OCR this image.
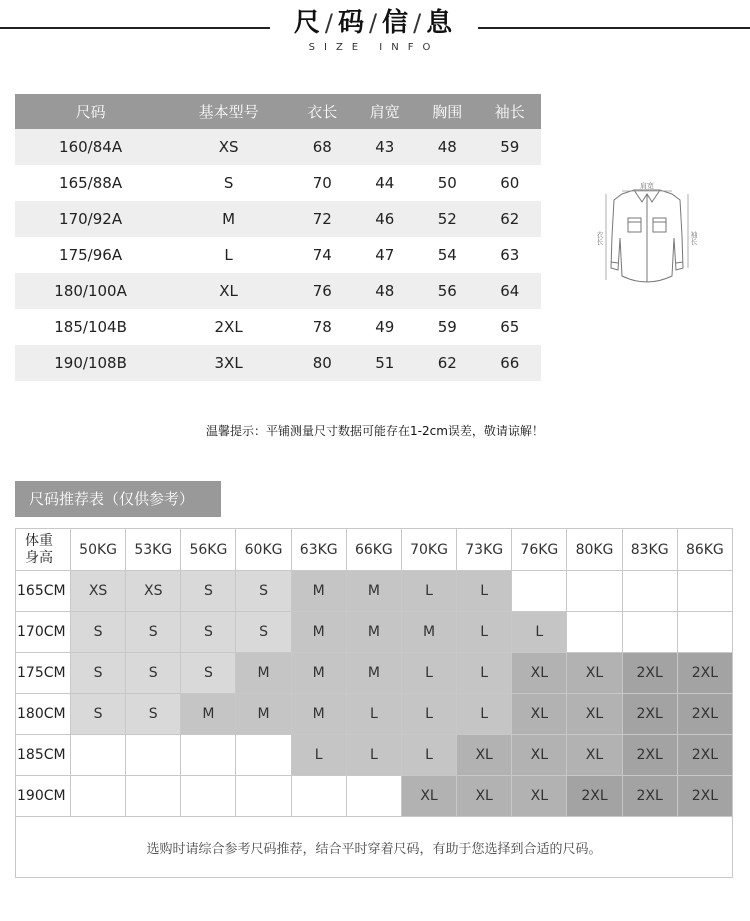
尺 / 码 / 信 / 息
SIZE INFO
尺码	基本型号	衣长	肩宽	胸围	袖长
160/84A	XS	68	43	48	59
165/88A	S	70	44	50	60
170/92A	M	72	46	52	62
175/96A	L	74	47	54	63
180/100A	XL	76	48	56	64
185/104B	2XL	78	49	59	65
190/108B	3XL	80	51	62	66
肩宽
衣长	袖长
温馨提示：平铺测量尺寸数据可能存在1-2cm误差，敬请谅解！
尺码推荐表（仅供参考）
体重
身高	50KG	53KG	56KG	60KG	63KG	66KG	70KG	73KG	76KG	80KG	83KG	86KG
165CM	XS	XS	S	S	M	M	L	L				
170CM	S	S	S	S	M	M	M	L	L			
175CM	S	S	S	M	M	M	L	L	XL	XL	2XL	2XL
180CM	S	S	M	M	M	L	L	L	XL	XL	2XL	2XL
185CM					L	L	L	XL	XL	XL	2XL	2XL
190CM							XL	XL	XL	2XL	2XL	2XL
选购时请综合参考尺码推荐，结合平时穿着尺码，有助于您选择到合适的尺码。												
